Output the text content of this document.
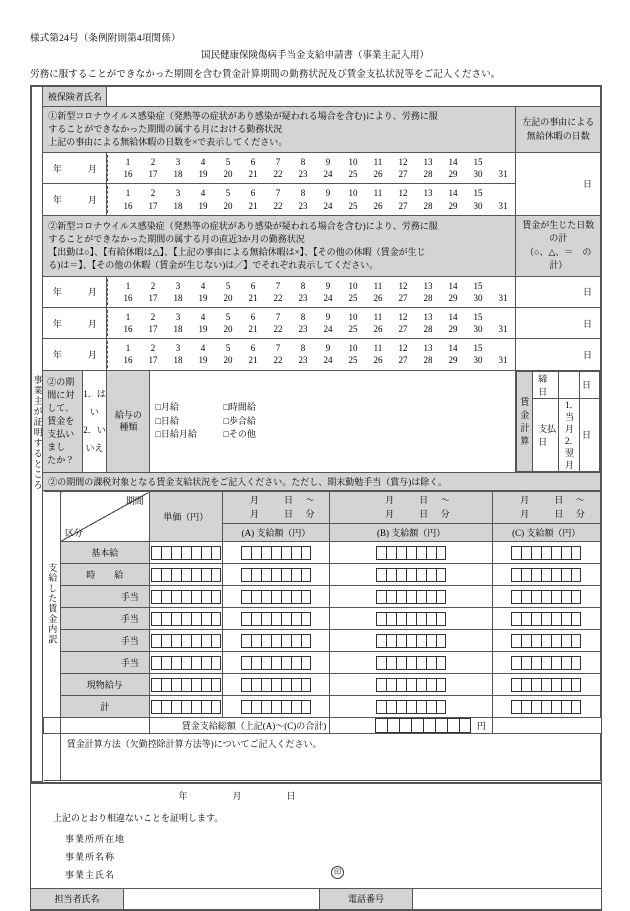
様式第24号（条例附則第4項関係）
国民健康保険傷病手当金支給申請書（事業主記入用）
労務に服することができなかった期間を含む賃金計算期間の勤務状況及び賃金支払状況等をご記入ください。
事業主が証明するところ	被保険者氏名	

①新型コロナウイルス感染症（発熱等の症状があり感染が疑われる場合を含む)により、労務に服
することができなかった期間の属する月における勤務状況
上記の事由による無給休暇の日数を×で表示してください。

左記の事由による
無給休暇の日数

年	月	
1	2	3	4	5	6	7	8	9	10	11	12	13	14	15
16	17	18	19	20	21	22	23	24	25	26	27	28	29	30	31
	日
年	月	
1	2	3	4	5	6	7	8	9	10	11	12	13	14	15
16	17	18	19	20	21	22	23	24	25	26	27	28	29	30	31

②新型コロナウイルス感染症（発熱等の症状があり感染が疑われる場合を含む)により、労務に服
することができなかった期間の属する月の直近3か月の勤務状況
【出勤は○】、【有給休暇は△】、【上記の事由による無給休暇は×】、【その他の休暇（賃金が生じ
る)は＝】、【その他の休暇（賃金が生じない)は／】でそれぞれ表示してください。

賃金が生じた日数の計
（○、△、＝　の計）

年	月	
1	2	3	4	5	6	7	8	9	10	11	12	13	14	15
16	17	18	19	20	21	22	23	24	25	26	27	28	29	30	31
	日
年	月	
1	2	3	4	5	6	7	8	9	10	11	12	13	14	15
16	17	18	19	20	21	22	23	24	25	26	27	28	29	30	31
	日
年	月	
1	2	3	4	5	6	7	8	9	10	11	12	13	14	15
16	17	18	19	20	21	22	23	24	25	26	27	28	29	30	31
	日

②の期間に対して、
賃金を支払いまし
たか？

1．はい
2．いいえ

給与の
種類

□月給	□時間給
□日給	□歩合給
□日給月給	□その他

賃金計算	締　日		日
支払日	
1．当月
2．翌月
	日

②の期間の課税対象となる賃金支給状況をご記入ください。ただし、期末勤勉手当（賞与)は除く。

支給した賃金内訳	
期間
区分
	単価（円）	
月	日 ～
月	日 分

月	日 ～
月	日 分

月	日 ～
月	日 分

(A) 支給額（円）	(B) 支給額（円）	(C) 支給額（円）
基本給	

時　給	

手当	

手当	

手当	

手当	

現物給与	

計	

		賃金支給総額（上記(A)～(C)の合計)	円

	賃金計算方法（欠勤控除計算方法等)についてご記入ください。
年	月	日
上記のとおり相違ないことを証明します。
事業所所在地
事業所名称
事業主氏名	印

担当者氏名		電話番号	
